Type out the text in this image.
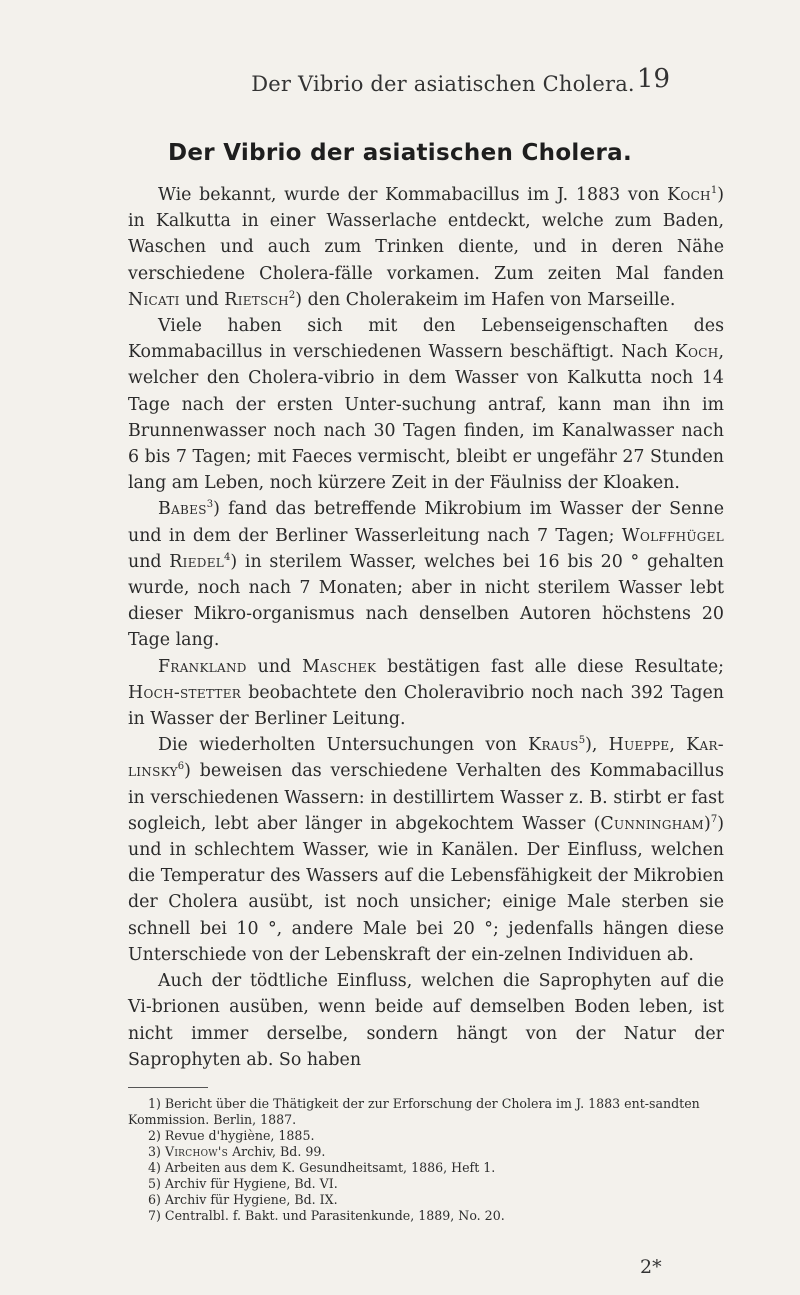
Der Vibrio der asiatischen Cholera. 19
Der Vibrio der asiatischen Cholera.

Wie bekannt, wurde der Kommabacillus im J. 1883 von Koch$^1$) in Kalkutta in einer Wasserlache entdeckt, welche zum Baden, Waschen und auch zum Trinken diente, und in deren Nähe verschiedene Cholera-fälle vorkamen. Zum zeiten Mal fanden Nicati und Rietsch$^2$) den Cholerakeim im Hafen von Marseille.

Viele haben sich mit den Lebenseigenschaften des Kommabacillus in verschiedenen Wassern beschäftigt. Nach Koch, welcher den Cholera-vibrio in dem Wasser von Kalkutta noch 14 Tage nach der ersten Unter-suchung antraf, kann man ihn im Brunnenwasser noch nach 30 Tagen finden, im Kanalwasser nach 6 bis 7 Tagen; mit Faeces vermischt, bleibt er ungefähr 27 Stunden lang am Leben, noch kürzere Zeit in der Fäulniss der Kloaken.

Babes$^3$) fand das betreffende Mikrobium im Wasser der Senne und in dem der Berliner Wasserleitung nach 7 Tagen; Wolffhügel und Riedel$^4$) in sterilem Wasser, welches bei 16 bis 20 ° gehalten wurde, noch nach 7 Monaten; aber in nicht sterilem Wasser lebt dieser Mikro-organismus nach denselben Autoren höchstens 20 Tage lang.

Frankland und Maschek bestätigen fast alle diese Resultate; Hoch-stetter beobachtete den Choleravibrio noch nach 392 Tagen in Wasser der Berliner Leitung.

Die wiederholten Untersuchungen von Kraus$^5$), Hueppe, Kar-linsky$^6$) beweisen das verschiedene Verhalten des Kommabacillus in verschiedenen Wassern: in destillirtem Wasser z. B. stirbt er fast sogleich, lebt aber länger in abgekochtem Wasser (Cunningham)$^7$) und in schlechtem Wasser, wie in Kanälen. Der Einfluss, welchen die Temperatur des Wassers auf die Lebensfähigkeit der Mikrobien der Cholera ausübt, ist noch unsicher; einige Male sterben sie schnell bei 10 °, andere Male bei 20 °; jedenfalls hängen diese Unterschiede von der Lebenskraft der ein-zelnen Individuen ab.

Auch der tödtliche Einfluss, welchen die Saprophyten auf die Vi-brionen ausüben, wenn beide auf demselben Boden leben, ist nicht immer derselbe, sondern hängt von der Natur der Saprophyten ab. So haben

1) Bericht über die Thätigkeit der zur Erforschung der Cholera im J. 1883 ent-sandten Kommission. Berlin, 1887.
2) Revue d'hygiène, 1885.
3) Virchow's Archiv, Bd. 99.
4) Arbeiten aus dem K. Gesundheitsamt, 1886, Heft 1.
5) Archiv für Hygiene, Bd. VI.
6) Archiv für Hygiene, Bd. IX.
7) Centralbl. f. Bakt. und Parasitenkunde, 1889, No. 20.
2*
